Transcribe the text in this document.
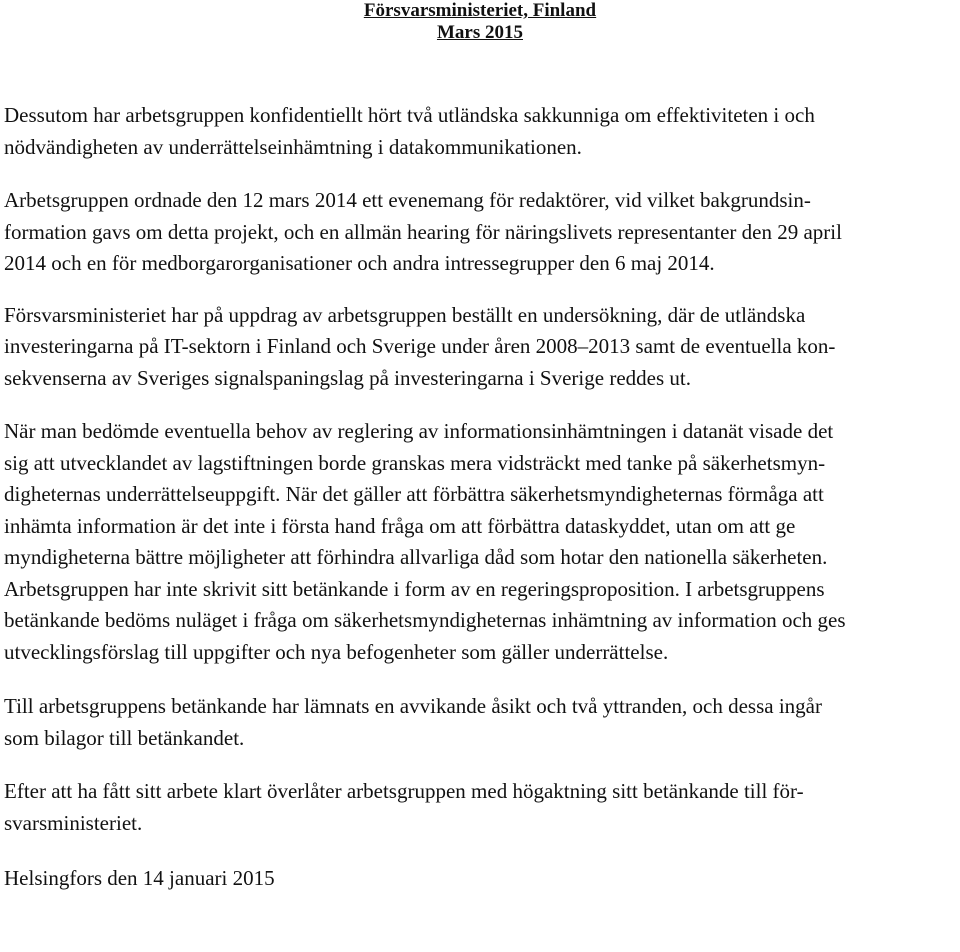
Försvarsministeriet, Finland
Mars 2015

Dessutom har arbetsgruppen konfidentiellt hört två utländska sakkunniga om effektiviteten i och
nödvändigheten av underrättelseinhämtning i datakommunikationen.

Arbetsgruppen ordnade den 12 mars 2014 ett evenemang för redaktörer, vid vilket bakgrundsin-
formation gavs om detta projekt, och en allmän hearing för näringslivets representanter den 29 april
2014 och en för medborgarorganisationer och andra intressegrupper den 6 maj 2014.

Försvarsministeriet har på uppdrag av arbetsgruppen beställt en undersökning, där de utländska
investeringarna på IT-sektorn i Finland och Sverige under åren 2008–2013 samt de eventuella kon-
sekvenserna av Sveriges signalspaningslag på investeringarna i Sverige reddes ut.

När man bedömde eventuella behov av reglering av informationsinhämtningen i datanät visade det
sig att utvecklandet av lagstiftningen borde granskas mera vidsträckt med tanke på säkerhetsmyn-
digheternas underrättelseuppgift. När det gäller att förbättra säkerhetsmyndigheternas förmåga att
inhämta information är det inte i första hand fråga om att förbättra dataskyddet, utan om att ge
myndigheterna bättre möjligheter att förhindra allvarliga dåd som hotar den nationella säkerheten.
Arbetsgruppen har inte skrivit sitt betänkande i form av en regeringsproposition. I arbetsgruppens
betänkande bedöms nuläget i fråga om säkerhetsmyndigheternas inhämtning av information och ges
utvecklingsförslag till uppgifter och nya befogenheter som gäller underrättelse.

Till arbetsgruppens betänkande har lämnats en avvikande åsikt och två yttranden, och dessa ingår
som bilagor till betänkandet.

Efter att ha fått sitt arbete klart överlåter arbetsgruppen med högaktning sitt betänkande till för-
svarsministeriet.

Helsingfors den 14 januari 2015
